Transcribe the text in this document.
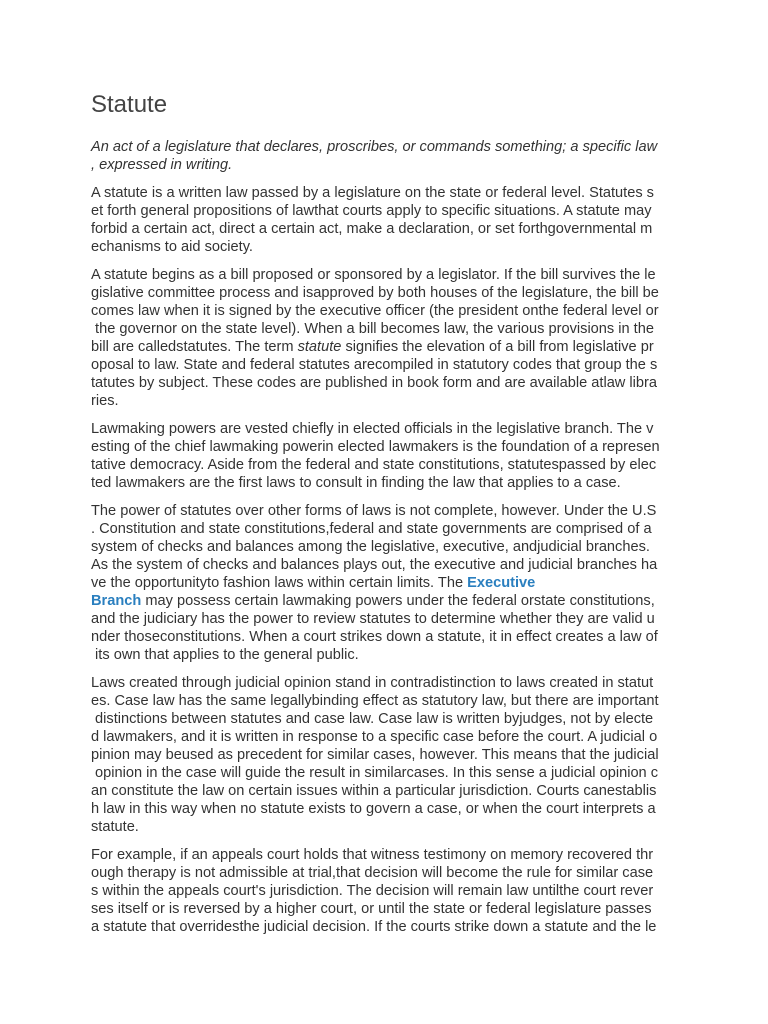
Statute
An act of a legislature that declares, proscribes, or commands something; a specific law
, expressed in writing.
A statute is a written law passed by a legislature on the state or federal level. Statutes s
et forth general propositions of lawthat courts apply to specific situations. A statute may
forbid a certain act, direct a certain act, make a declaration, or set forthgovernmental m
echanisms to aid society.
A statute begins as a bill proposed or sponsored by a legislator. If the bill survives the le
gislative committee process and isapproved by both houses of the legislature, the bill be
comes law when it is signed by the executive officer (the president onthe federal level or
the governor on the state level). When a bill becomes law, the various provisions in the
bill are calledstatutes. The term statute signifies the elevation of a bill from legislative pr
oposal to law. State and federal statutes arecompiled in statutory codes that group the s
tatutes by subject. These codes are published in book form and are available atlaw libra
ries.
Lawmaking powers are vested chiefly in elected officials in the legislative branch. The v
esting of the chief lawmaking powerin elected lawmakers is the foundation of a represen
tative democracy. Aside from the federal and state constitutions, statutespassed by elec
ted lawmakers are the first laws to consult in finding the law that applies to a case.
The power of statutes over other forms of laws is not complete, however. Under the U.S
. Constitution and state constitutions,federal and state governments are comprised of a
system of checks and balances among the legislative, executive, andjudicial branches.
As the system of checks and balances plays out, the executive and judicial branches ha
ve the opportunityto fashion laws within certain limits. The Executive
Branch may possess certain lawmaking powers under the federal orstate constitutions,
and the judiciary has the power to review statutes to determine whether they are valid u
nder thoseconstitutions. When a court strikes down a statute, it in effect creates a law of
its own that applies to the general public.
Laws created through judicial opinion stand in contradistinction to laws created in statut
es. Case law has the same legallybinding effect as statutory law, but there are important
distinctions between statutes and case law. Case law is written byjudges, not by electe
d lawmakers, and it is written in response to a specific case before the court. A judicial o
pinion may beused as precedent for similar cases, however. This means that the judicial
opinion in the case will guide the result in similarcases. In this sense a judicial opinion c
an constitute the law on certain issues within a particular jurisdiction. Courts canestablis
h law in this way when no statute exists to govern a case, or when the court interprets a
statute.
For example, if an appeals court holds that witness testimony on memory recovered thr
ough therapy is not admissible at trial,that decision will become the rule for similar case
s within the appeals court's jurisdiction. The decision will remain law untilthe court rever
ses itself or is reversed by a higher court, or until the state or federal legislature passes
a statute that overridesthe judicial decision. If the courts strike down a statute and the le
